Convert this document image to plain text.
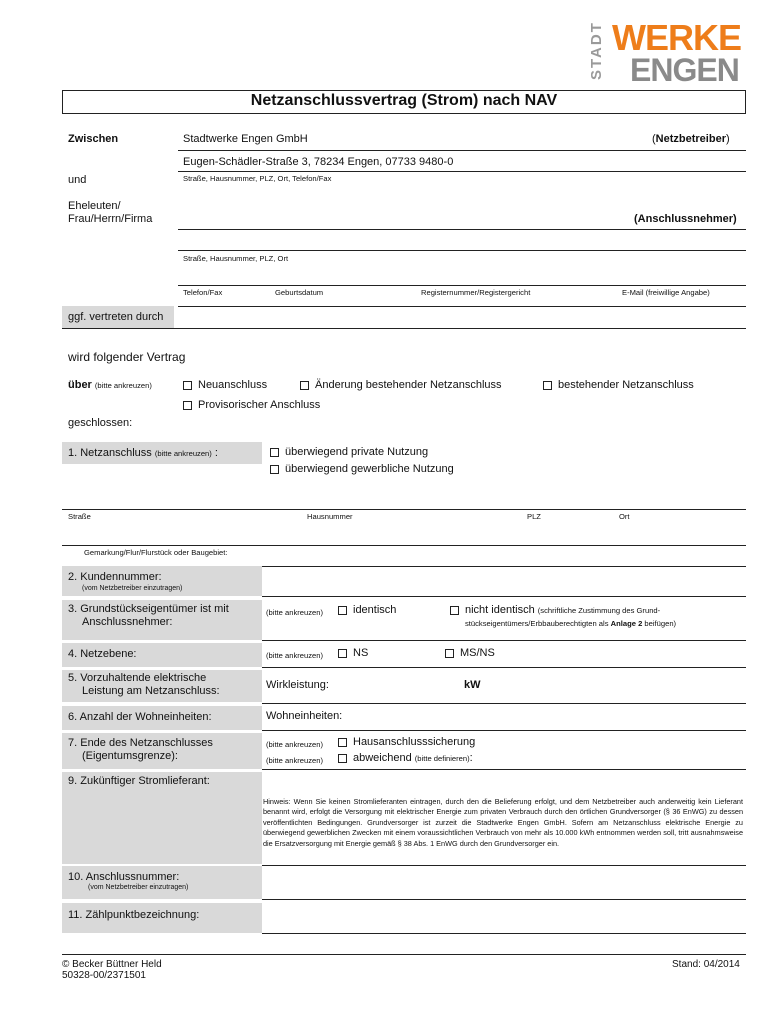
STADT WERKE
ENGEN
Netzanschlussvertrag (Strom) nach NAV
Zwischen	Stadtwerke Engen GmbH	(Netzbetreiber)
Eugen-Schädler-Straße 3, 78234 Engen, 07733 9480-0
Straße, Hausnummer, PLZ, Ort, Telefon/Fax
und
Eheleuten/
Frau/Herrn/Firma	(Anschlussnehmer)
Straße, Hausnummer, PLZ, Ort
Telefon/Fax	Geburtsdatum	Registernummer/Registergericht	E-Mail (freiwillige Angabe)
ggf. vertreten durch
wird folgender Vertrag
über (bitte ankreuzen)	Neuanschluss	Änderung bestehender Netzanschluss	bestehender Netzanschluss
Provisorischer Anschluss
geschlossen:
1. Netzanschluss (bitte ankreuzen) :	überwiegend private Nutzung
überwiegend gewerbliche Nutzung
Straße	Hausnummer	PLZ	Ort
Gemarkung/Flur/Flurstück oder Baugebiet:
2. Kundennummer:
(vom Netzbetreiber einzutragen)
3. Grundstückseigentümer ist mit
Anschlussnehmer:
(bitte ankreuzen)	identisch	nicht identisch (schriftliche Zustimmung des Grund-
stückseigentümers/Erbbauberechtigten als Anlage 2 beifügen)
4. Netzebene:	(bitte ankreuzen)	NS	MS/NS
5. Vorzuhaltende elektrische
Leistung am Netzanschluss:	Wirkleistung:	kW
6. Anzahl der Wohneinheiten:	Wohneinheiten:
7. Ende des Netzanschlusses
(Eigentumsgrenze):
(bitte ankreuzen)	Hausanschlusssicherung
(bitte ankreuzen)	abweichend (bitte definieren):
9. Zukünftiger Stromlieferant:
Hinweis: Wenn Sie keinen Stromlieferanten eintragen, durch den die Belieferung erfolgt, und dem Netzbetreiber auch anderweitig kein Lieferant benannt wird, erfolgt die Versorgung mit elektrischer Energie zum privaten Verbrauch durch den örtlichen Grundversorger (§ 36 EnWG) zu dessen veröffentlichten Bedingungen. Grundversorger ist zurzeit die Stadtwerke Engen GmbH. Sofern am Netzanschluss elektrische Energie zu überwiegend gewerblichen Zwecken mit einem voraussichtlichen Verbrauch von mehr als 10.000 kWh entnommen werden soll, tritt ausnahmsweise die Ersatzversorgung mit Energie gemäß § 38 Abs. 1 EnWG durch den Grundversorger ein.
10. Anschlussnummer:
(vom Netzbetreiber einzutragen)
11. Zählpunktbezeichnung:
© Becker Büttner Held
50328-00/2371501
Stand: 04/2014
